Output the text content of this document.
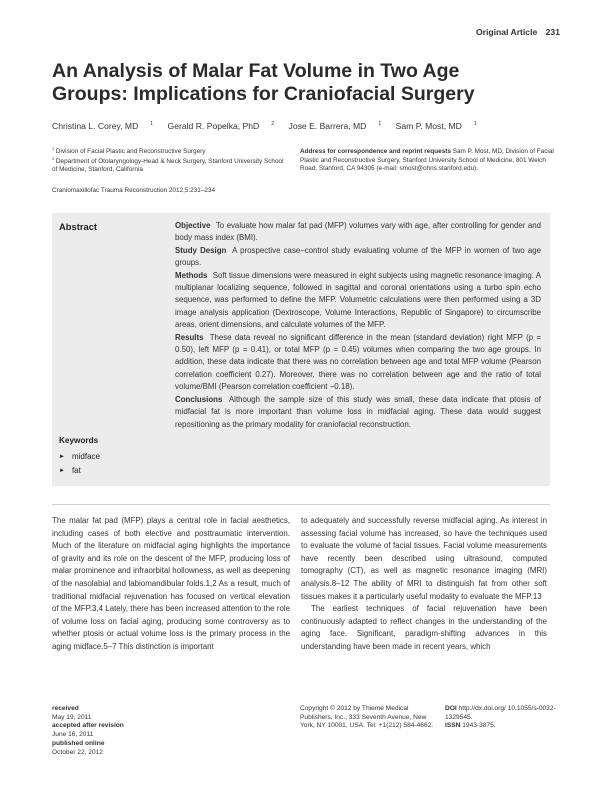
Original Article 231
An Analysis of Malar Fat Volume in Two Age Groups: Implications for Craniofacial Surgery
Christina L. Corey, MD $^1$ Gerald R. Popelka, PhD $^2$ Jose E. Barrera, MD $^1$ Sam P. Most, MD $^1$
$^1$ Division of Facial Plastic and Reconstructive Surgery
$^2$ Department of Otolaryngology-Head & Neck Surgery, Stanford University School of Medicine, Stanford, California
Craniomaxillofac Trauma Reconstruction 2012;5:231–234
Address for correspondence and reprint requests Sam P. Most, MD, Division of Facial Plastic and Reconstructive Surgery, Stanford University School of Medicine, 801 Welch Road, Stanford, CA 94305 (e-mail: smost@ohns.stanford.edu).
Abstract	Objective To evaluate how malar fat pad (MFP) volumes vary with age, after controlling for gender and body mass index (BMI).
Study Design A prospective case–control study evaluating volume of the MFP in women of two age groups.
Methods Soft tissue dimensions were measured in eight subjects using magnetic resonance imaging. A multiplanar localizing sequence, followed in sagittal and coronal orientations using a turbo spin echo sequence, was performed to define the MFP. Volumetric calculations were then performed using a 3D image analysis application (Dextroscope, Volume Interactions, Republic of Singapore) to circumscribe areas, orient dimensions, and calculate volumes of the MFP.
Results These data reveal no significant difference in the mean (standard deviation) right MFP (p = 0.50), left MFP (p = 0.41), or total MFP (p = 0.45) volumes when comparing the two age groups. In addition, these data indicate that there was no correlation between age and total MFP volume (Pearson correlation coefficient 0.27). Moreover, there was no correlation between age and the ratio of total volume/BMI (Pearson correlation coefficient −0.18).
Conclusions Although the sample size of this study was small, these data indicate that ptosis of midfacial fat is more important than volume loss in midfacial aging. These data would suggest repositioning as the primary modality for craniofacial reconstruction.
Keywords
► midface
► fat

The malar fat pad (MFP) plays a central role in facial aesthetics, including cases of both elective and posttraumatic intervention. Much of the literature on midfacial aging highlights the importance of gravity and its role on the descent of the MFP, producing loss of malar prominence and infraorbital hollowness, as well as deepening of the nasolabial and labiomandibular folds.1,2 As a result, much of traditional midfacial rejuvenation has focused on vertical elevation of the MFP.3,4 Lately, there has been increased attention to the role of volume loss on facial aging, producing some controversy as to whether ptosis or actual volume loss is the primary process in the aging midface.5–7 This distinction is important

to adequately and successfully reverse midfacial aging. As interest in assessing facial volume has increased, so have the techniques used to evaluate the volume of facial tissues. Facial volume measurements have recently been described using ultrasound, computed tomography (CT), as well as magnetic resonance imaging (MRI) analysis.8–12 The ability of MRI to distinguish fat from other soft tissues makes it a particularly useful modality to evaluate the MFP.13

The earliest techniques of facial rejuvenation have been continuously adapted to reflect changes in the understanding of the aging face. Significant, paradigm-shifting advances in this understanding have been made in recent years, which

received
May 19, 2011
accepted after revision
June 16, 2011
published online
October 22, 2012
Copyright © 2012 by Thieme Medical Publishers, Inc., 333 Seventh Avenue, New York, NY 10001, USA. Tel: +1(212) 584-4662.
DOI http://dx.doi.org/ 10.1055/s-0032-1329545.
ISSN 1943-3875.
